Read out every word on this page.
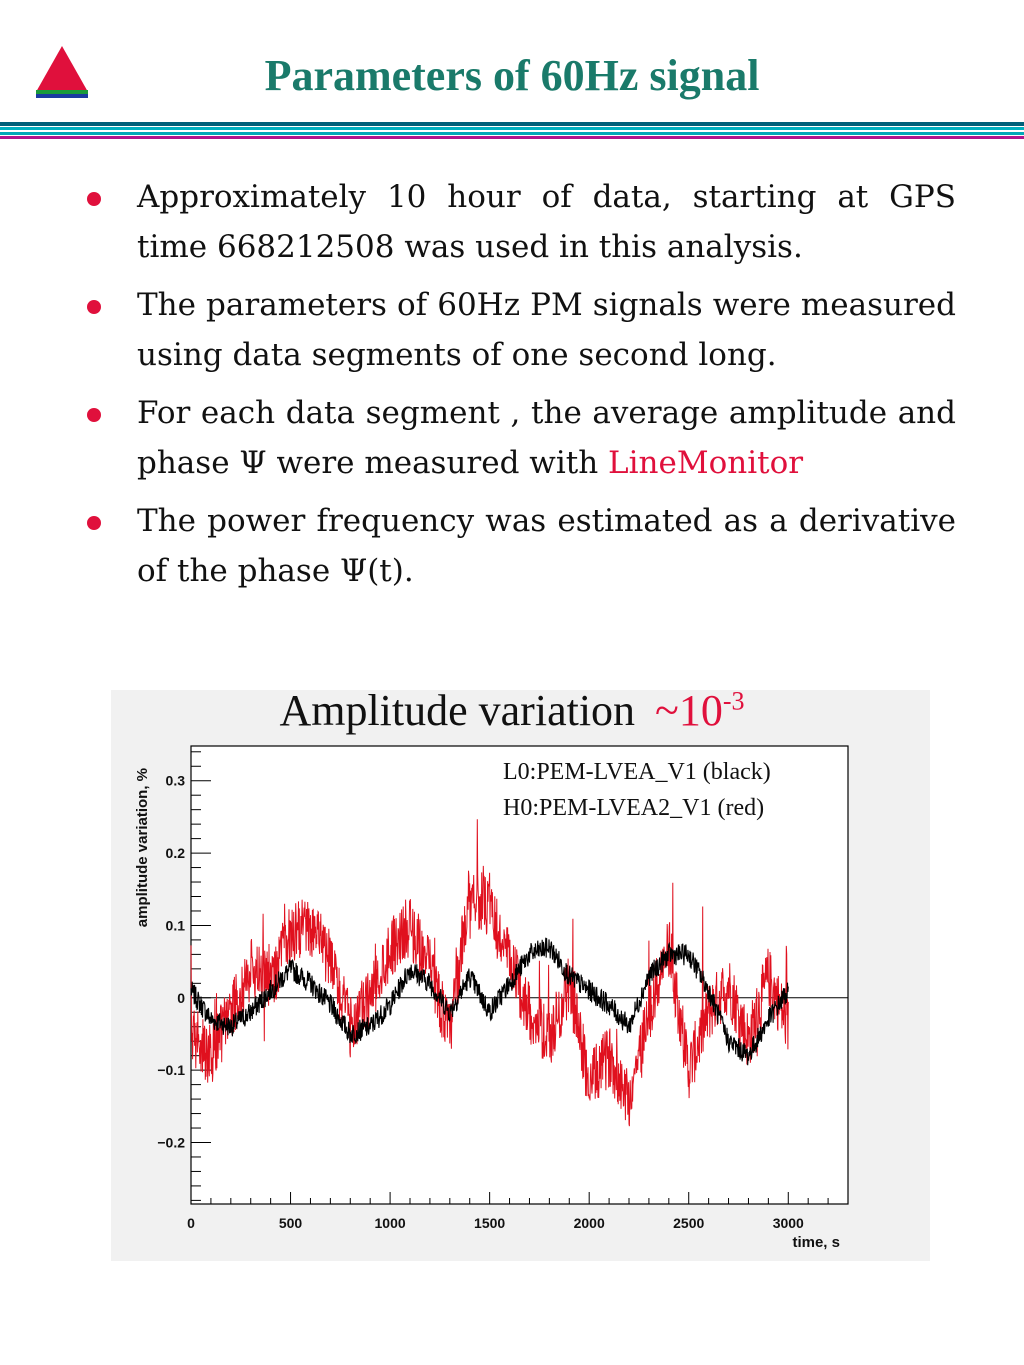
Parameters of 60Hz signal
Approximately 10 hour of data, starting at GPS time 668212508 was used in this analysis.
The parameters of 60Hz PM signals were measured using data segments of one second long.
For each data segment , the average amplitude and phase Ψ were measured with LineMonitor
The power frequency was estimated as a derivative of the phase Ψ(t).
0	500	1000	1500	2000	2500	3000
−0.2
−0.1
0
0.1
0.2
0.3
time, s
amplitude variation, %	L0:PEM-LVEA_V1 (black)
H0:PEM-LVEA2_V1 (red)
Amplitude variation $\sim 10^{-3}$
